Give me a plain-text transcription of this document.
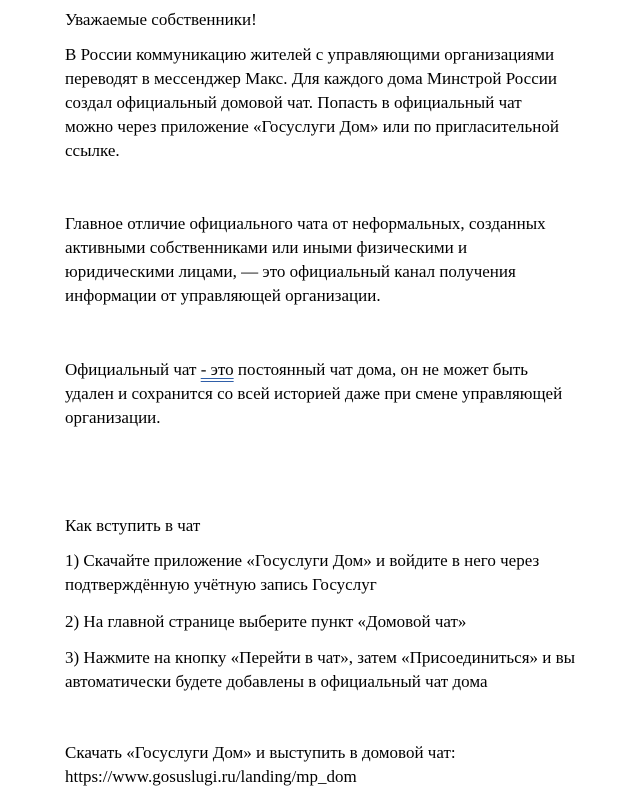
Уважаемые собственники!

В России коммуникацию жителей с управляющими организациями
переводят в мессенджер Макс. Для каждого дома Минстрой России
создал официальный домовой чат. Попасть в официальный чат
можно через приложение «Госуслуги Дом» или по пригласительной
ссылке.

Главное отличие официального чата от неформальных, созданных
активными собственниками или иными физическими и
юридическими лицами, — это официальный канал получения
информации от управляющей организации.

Официальный чат - это постоянный чат дома, он не может быть
удален и сохранится со всей историей даже при смене управляющей
организации.

Как вступить в чат

1) Скачайте приложение «Госуслуги Дом» и войдите в него через
подтверждённую учётную запись Госуслуг

2) На главной странице выберите пункт «Домовой чат»

3) Нажмите на кнопку «Перейти в чат», затем «Присоединиться» и вы
автоматически будете добавлены в официальный чат дома

Скачать «Госуслуги Дом» и выступить в домовой чат:
https://www.gosuslugi.ru/landing/mp_dom
